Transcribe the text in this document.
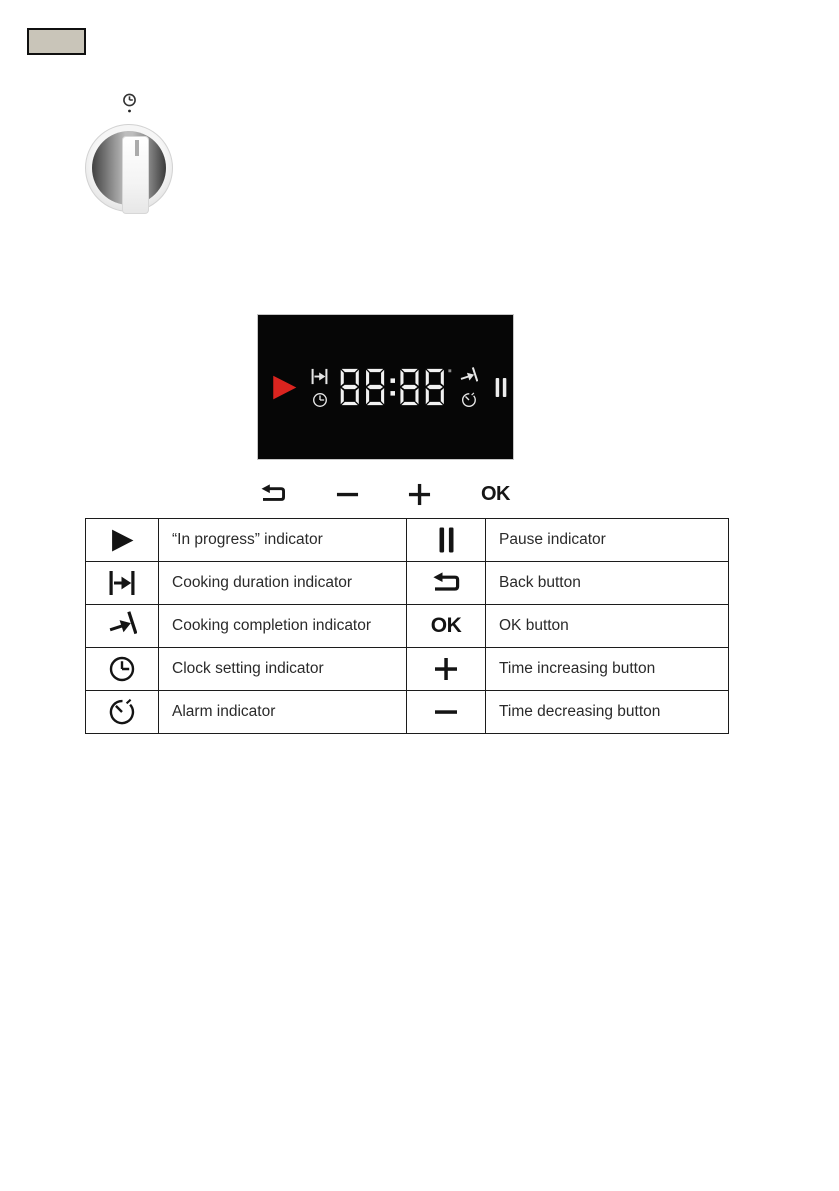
OK
	“In progress” indicator		Pause indicator

	Cooking duration indicator		Back button

	Cooking completion indicator	OK	OK button

	Clock setting indicator		Time increasing button

	Alarm indicator		Time decreasing button
